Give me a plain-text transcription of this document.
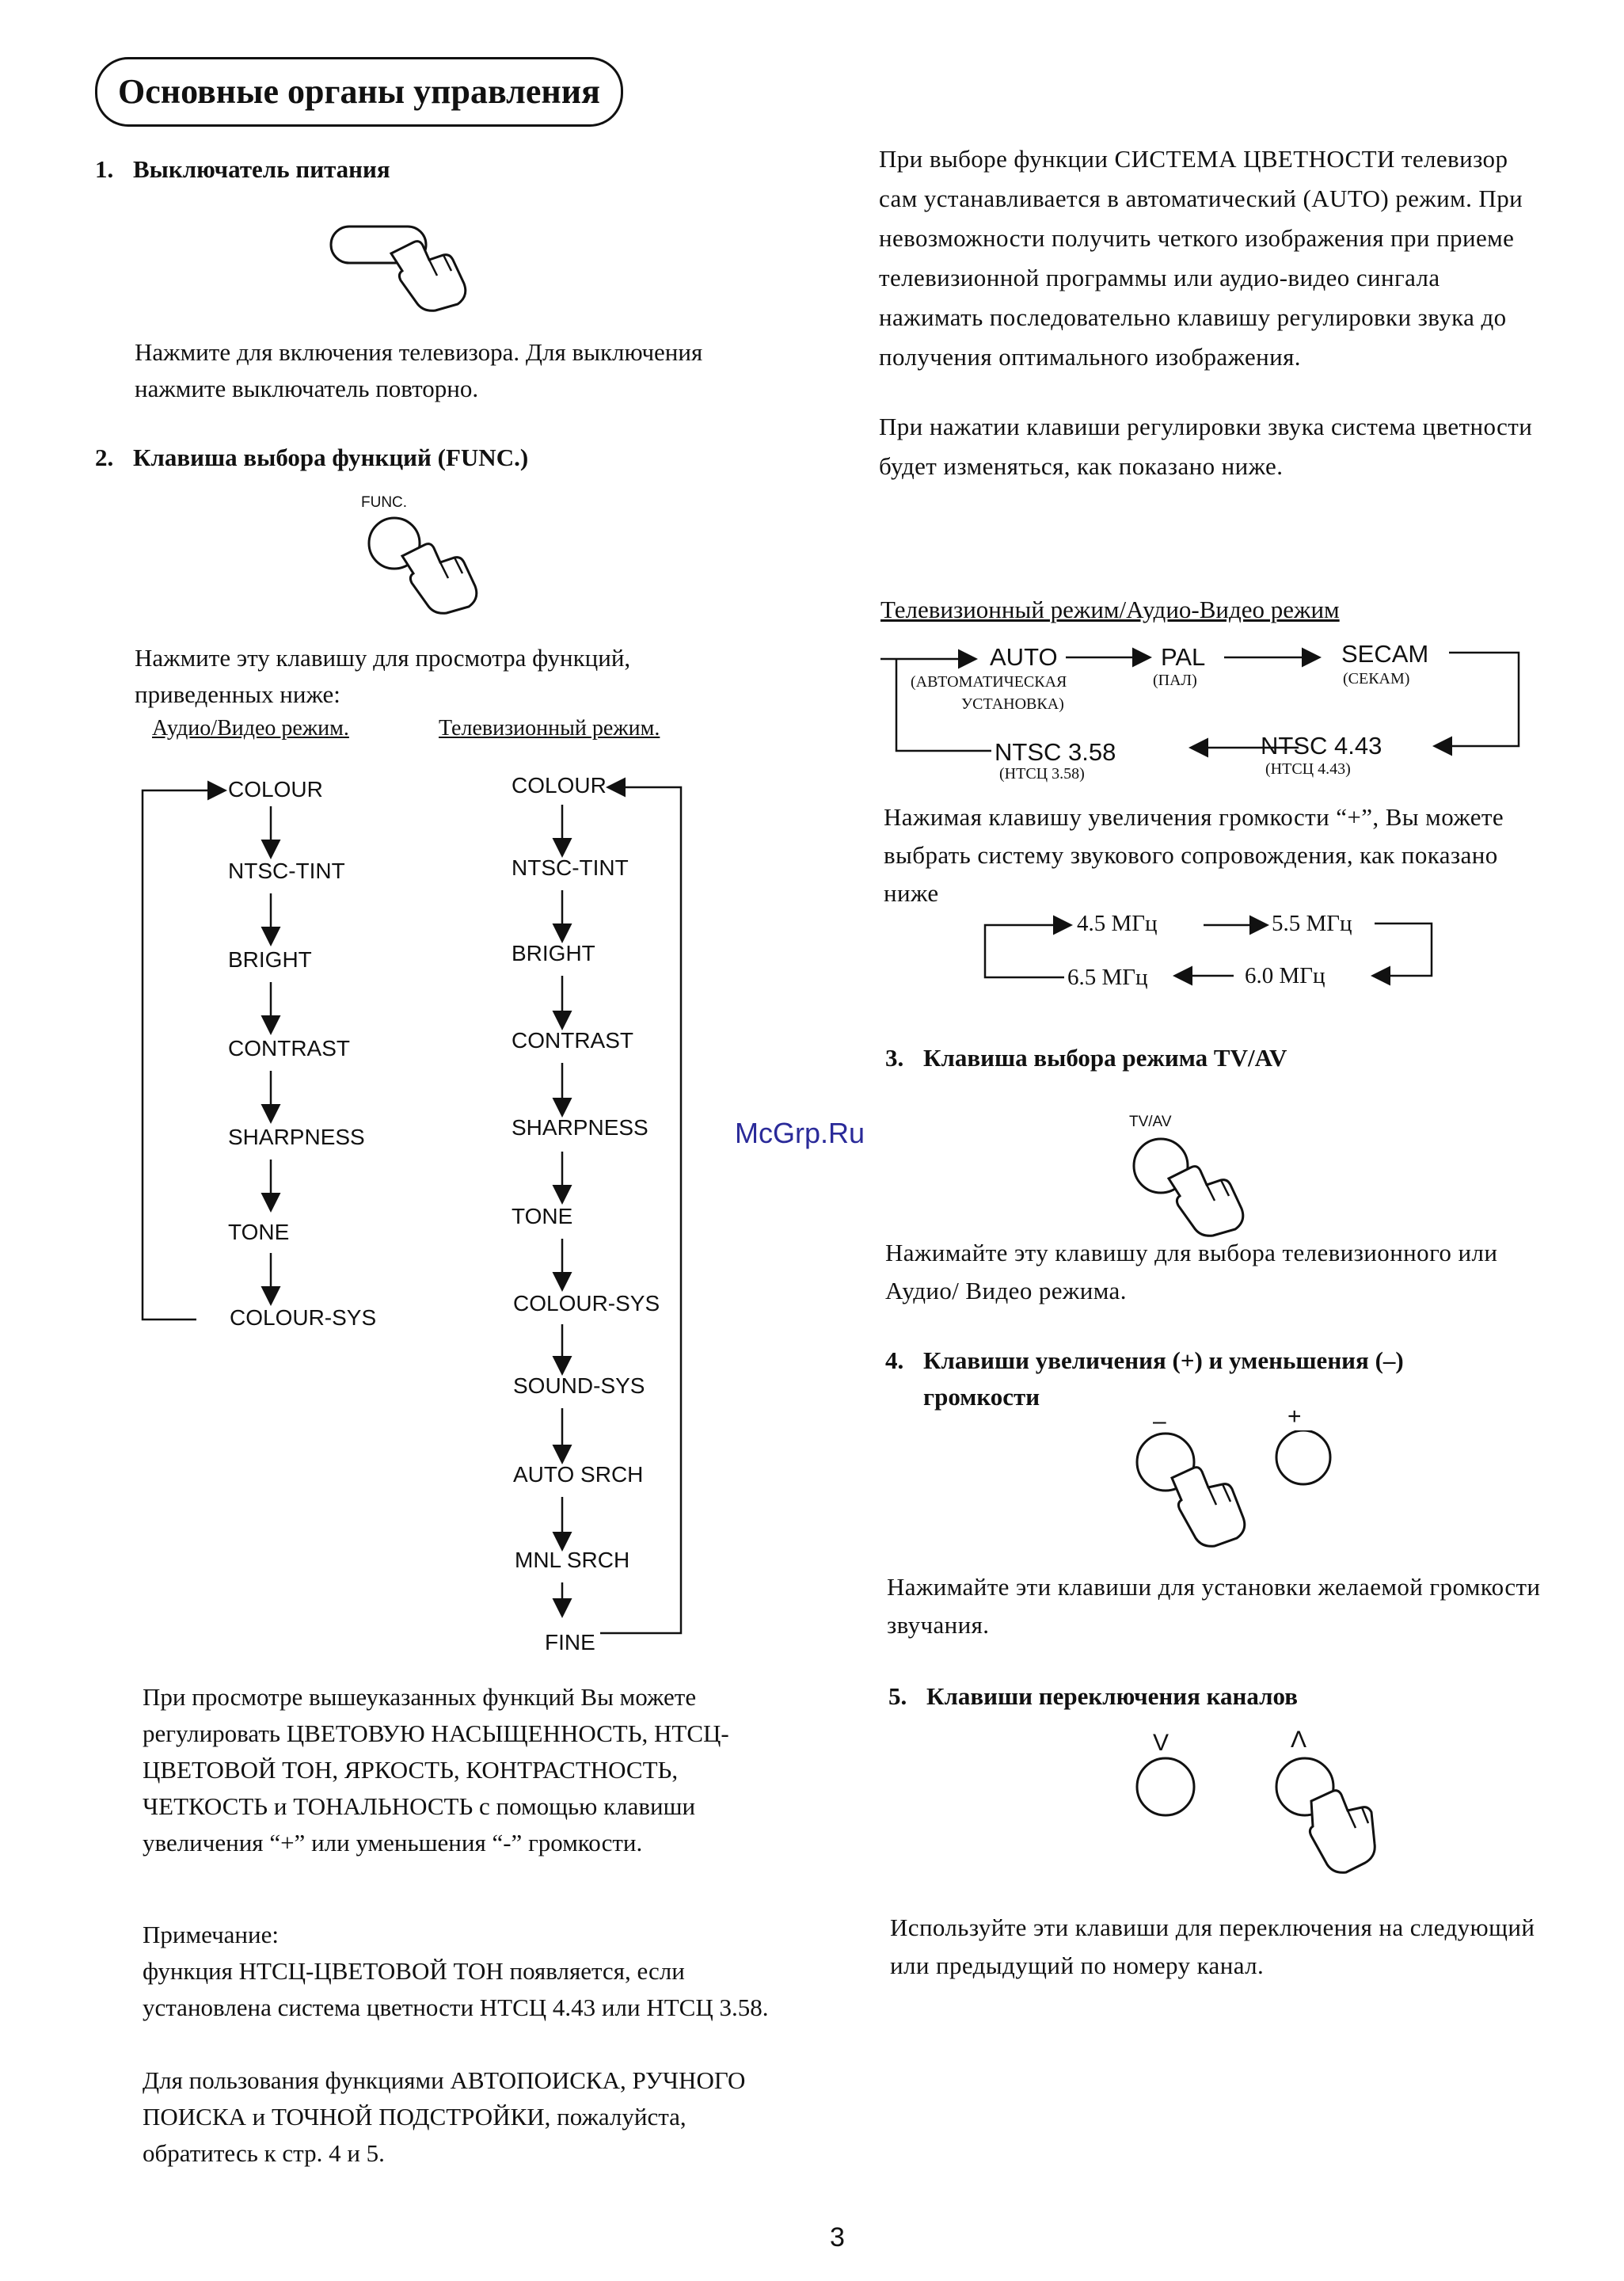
Основные органы управления
1. Выключатель питания
Нажмите для включения телевизора. Для выключения нажмите выключатель повторно.
2. Клавиша выбора функций (FUNC.)
FUNC.
Нажмите эту клавишу для просмотра функций, приведенных ниже:
Аудио/Видео режим.	Телевизионный режим.
COLOUR
NTSC-TINT
BRIGHT
CONTRAST
SHARPNESS
TONE
COLOUR-SYS
COLOUR
NTSC-TINT
BRIGHT
CONTRAST
SHARPNESS
TONE
COLOUR-SYS
SOUND-SYS
AUTO SRCH
MNL SRCH
FINE
При просмотре вышеуказанных функций Вы можете регулировать ЦВЕТОВУЮ НАСЫЩЕННОСТЬ, НТСЦ-ЦВЕТОВОЙ ТОН, ЯРКОСТЬ, КОНТРАСТНОСТЬ, ЧЕТКОСТЬ и ТОНАЛЬНОСТЬ с помощью клавиши увеличения “+” или уменьшения “-” громкости.
Примечание:
функция НТСЦ-ЦВЕТОВОЙ ТОН появляется, если установлена система цветности НТСЦ 4.43 или НТСЦ 3.58.
Для пользования функциями АВТОПОИСКА, РУЧНОГО ПОИСКА и ТОЧНОЙ ПОДСТРОЙКИ, пожалуйста, обратитесь к стр. 4 и 5.
При выборе функции СИСТЕМА ЦВЕТНОСТИ телевизор сам устанавливается в автоматический (AUTO) режим. При невозможности получить четкого изображения при приеме телевизионной программы или аудио-видео сингала нажимать последовательно клавишу регулировки звука до получения оптимального изображения.
При нажатии клавиши регулировки звука система цветности будет изменяться, как показано ниже.
Телевизионный режим/Аудио-Видео режим
AUTO
(АВТОМАТИЧЕСКАЯ
УСТАНОВКА)
PAL
(ПАЛ)
SECAM
(СЕКАМ)
NTSC 4.43
(НТСЦ 4.43)
NTSC 3.58
(НТСЦ 3.58)
Нажимая клавишу увеличения громкости “+”, Вы можете выбрать систему звукового сопровождения, как показано ниже
4.5 МГц	5.5 МГц
6.0 МГц
6.5 МГц
3. Клавиша выбора режима TV/AV
McGrp.Ru	TV/AV
Нажимайте эту клавишу для выбора телевизионного или Аудио/ Видео режима.
4. Клавиши увеличения (+) и уменьшения (–)
громкости
–	+
Нажимайте эти клавиши для установки желаемой громкости звучания.
5. Клавиши переключения каналов
V	Λ
Используйте эти клавиши для переключения на следующий или предыдущий по номеру канал.
3
